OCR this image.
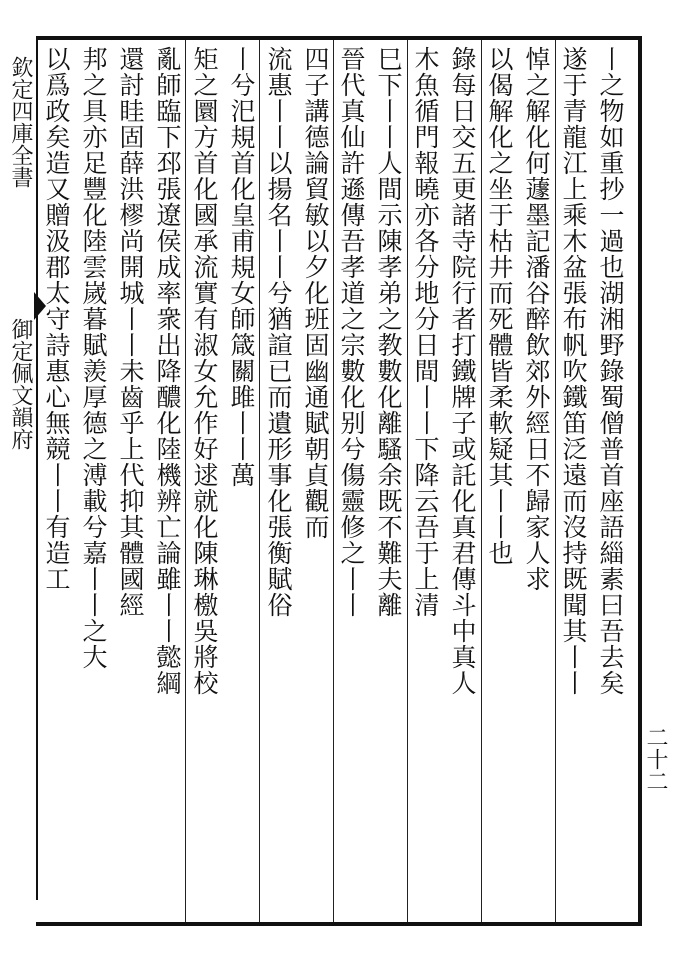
欽定四庫全書
御定佩文韻府
二十二
丨之物如重抄一過也湖湘野錄蜀僧普首座語緇素曰吾去矣
遂于青龍江上乘木盆張布帆吹鐵笛泛遠而沒持既聞其丨丨
悼之解化何蘧墨記潘谷醉飲郊外經日不歸家人求
以偈解化之坐于枯井而死體皆柔軟疑其丨丨也
錄每日交五更諸寺院行者打鐵牌子或託化真君傳斗中真人
木魚循門報曉亦各分地分日間丨丨下降云吾于上清
巳下丨丨人間示陳孝弟之教數化離騷余既不難夫離
晉代真仙許遜傳吾孝道之宗數化别兮傷靈修之丨丨
四子講德論貿敏以夕化班固幽通賦朝貞觀而
流惠丨丨以揚名丨丨兮猶諠已而遺形事化張衡賦俗
丨兮汜規首化皇甫規女師箴關雎丨丨萬
矩之圜方首化國承流實有淑女允作好逑就化陳琳檄吳將校
亂師臨下邳張遼侯成率衆出降醲化陸機辨亡論雖丨丨懿綱
還討眭固薛洪樛尚開城丨丨未齒乎上代抑其體國經
邦之具亦足豐化陸雲嵗暮賦羨厚德之溥載兮嘉丨丨之大
以爲政矣造又贈汲郡太守詩惠心無競丨丨有造工
